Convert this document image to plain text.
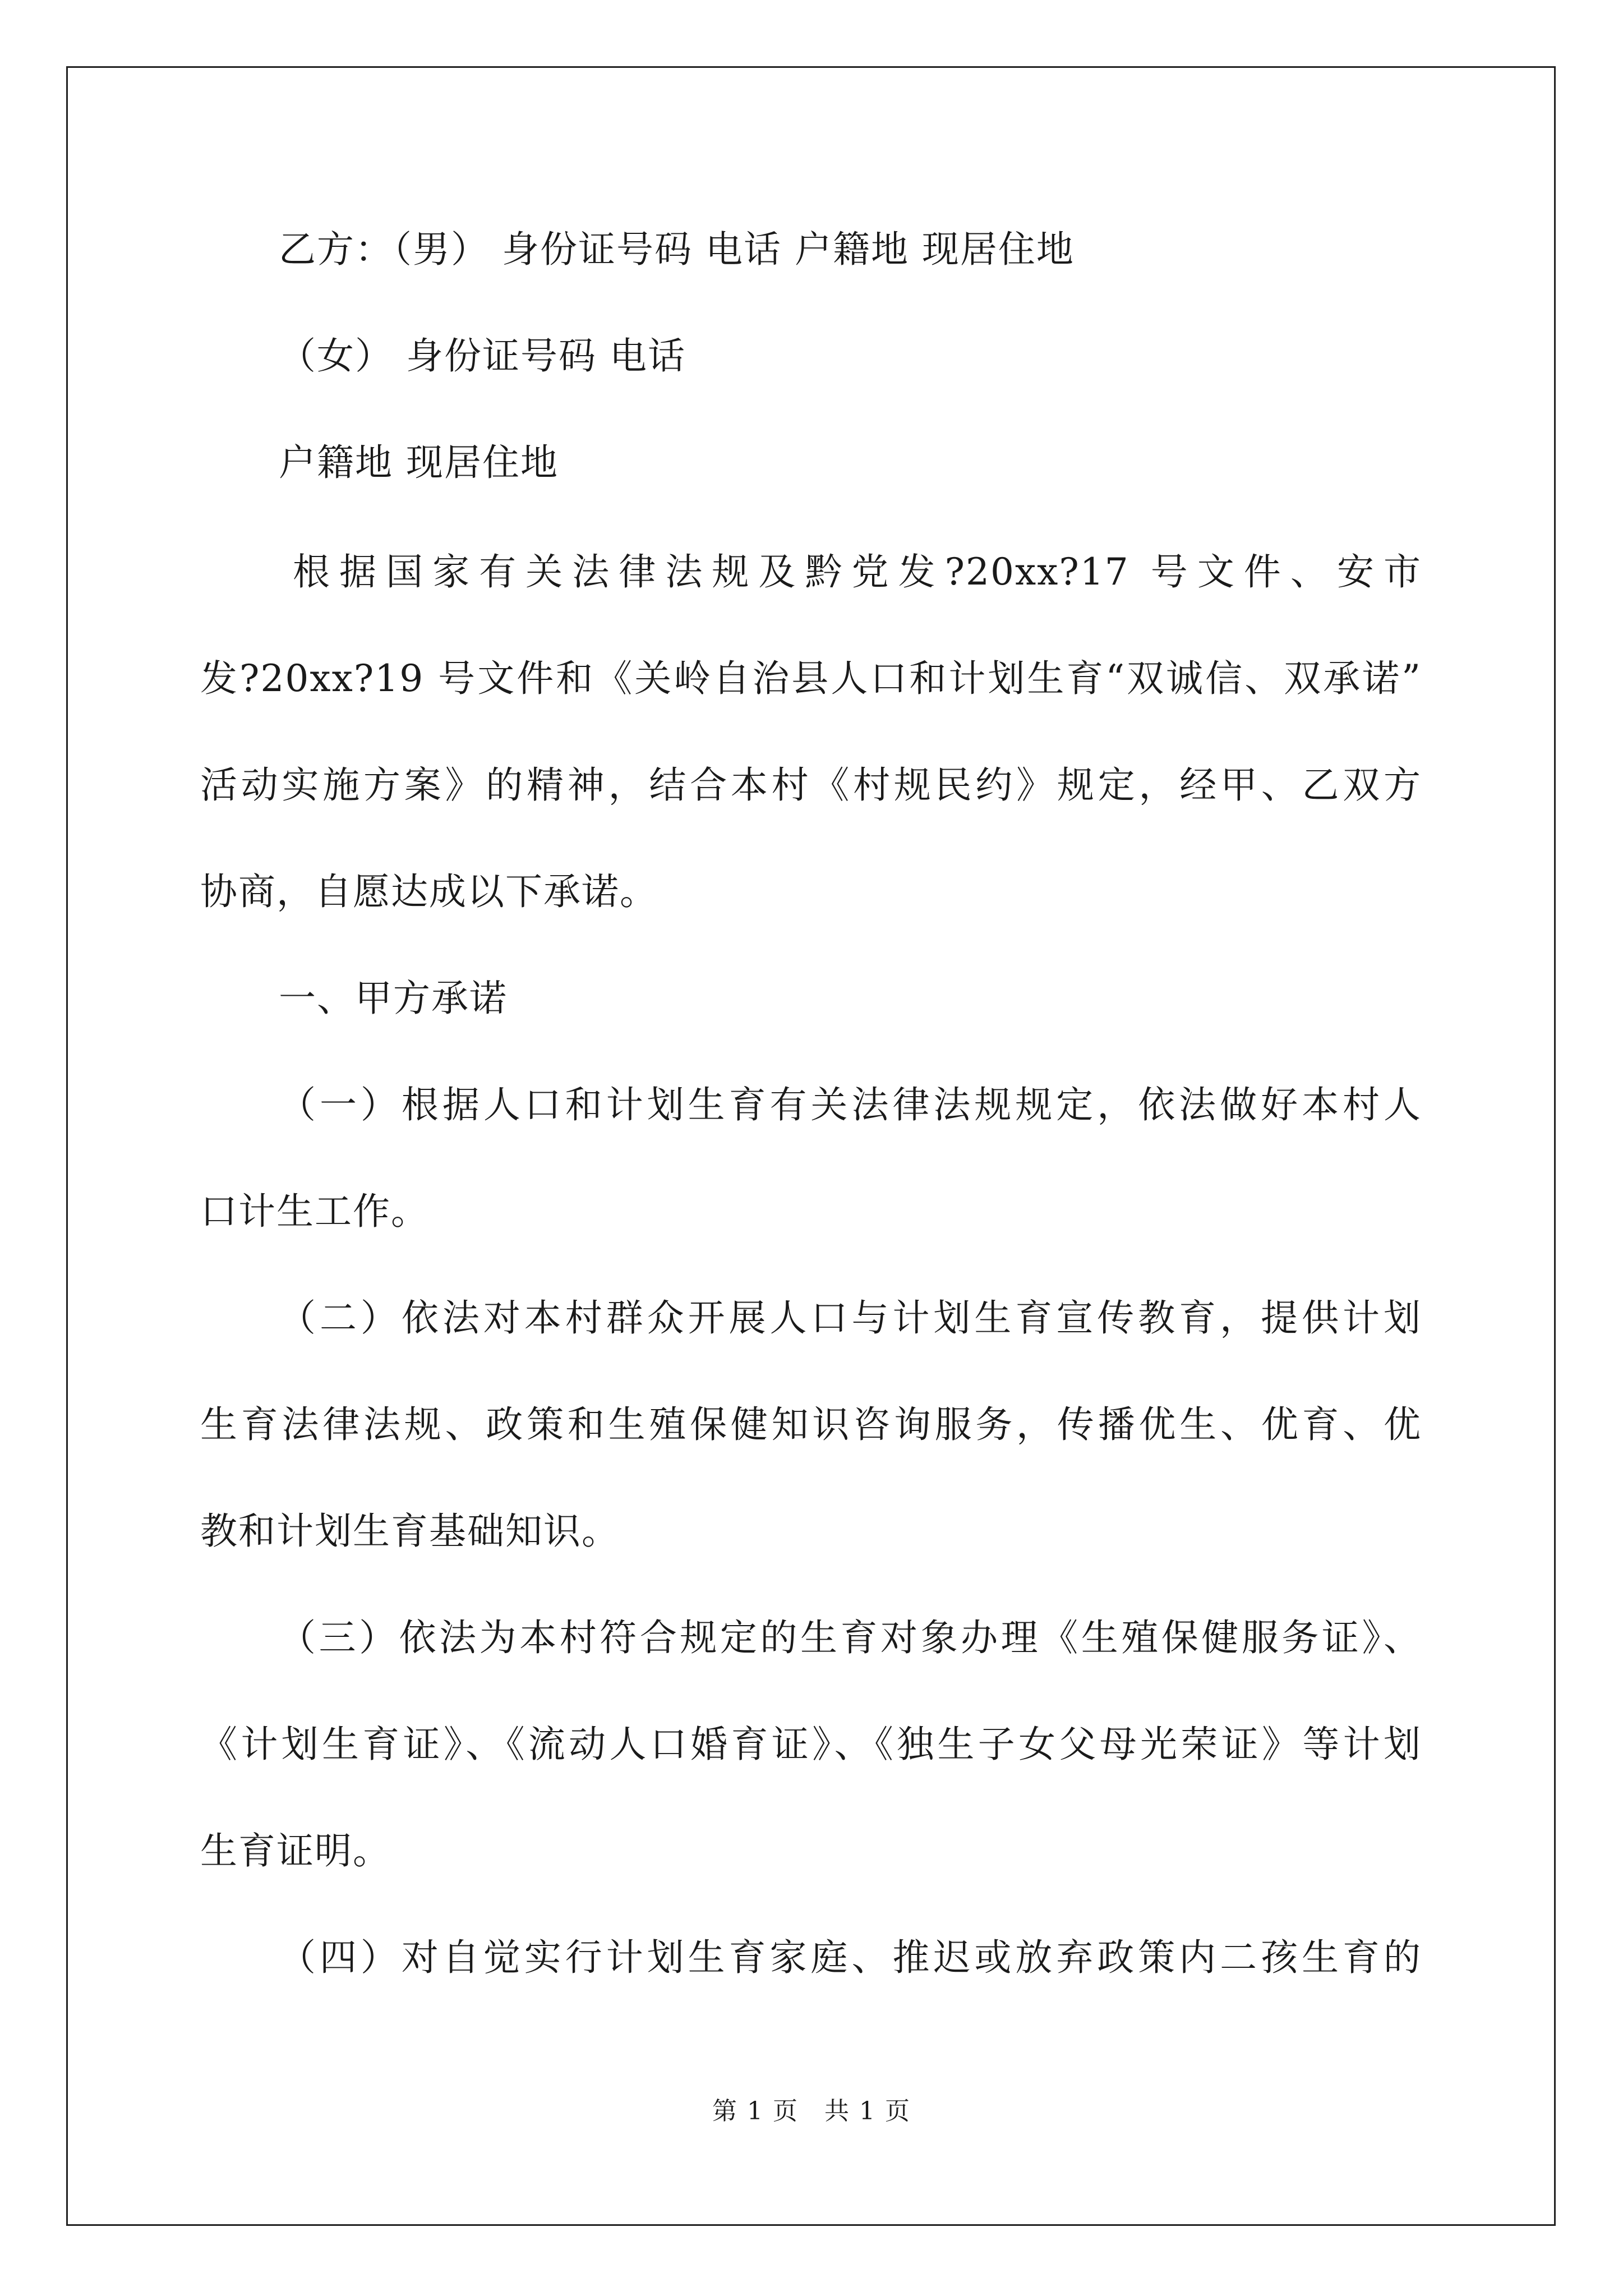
乙方：（男） 身份证号码 电话 户籍地 现居住地
（女） 身份证号码 电话
户籍地 现居住地
根据国家有关法律法规及黔党发?20xx?17 号文件、安市
发?20xx?19 号文件和《关岭自治县人口和计划生育“双诚信、双承诺”
活动实施方案》的精神，结合本村《村规民约》规定，经甲、乙双方
协商，自愿达成以下承诺。
一、甲方承诺
（一）根据人口和计划生育有关法律法规规定，依法做好本村人
口计生工作。
（二）依法对本村群众开展人口与计划生育宣传教育，提供计划
生育法律法规、政策和生殖保健知识咨询服务，传播优生、优育、优
教和计划生育基础知识。
（三）依法为本村符合规定的生育对象办理《生殖保健服务证》、
《计划生育证》、《流动人口婚育证》、《独生子女父母光荣证》等计划
生育证明。
（四）对自觉实行计划生育家庭、推迟或放弃政策内二孩生育的
第 1 页　共 1 页
